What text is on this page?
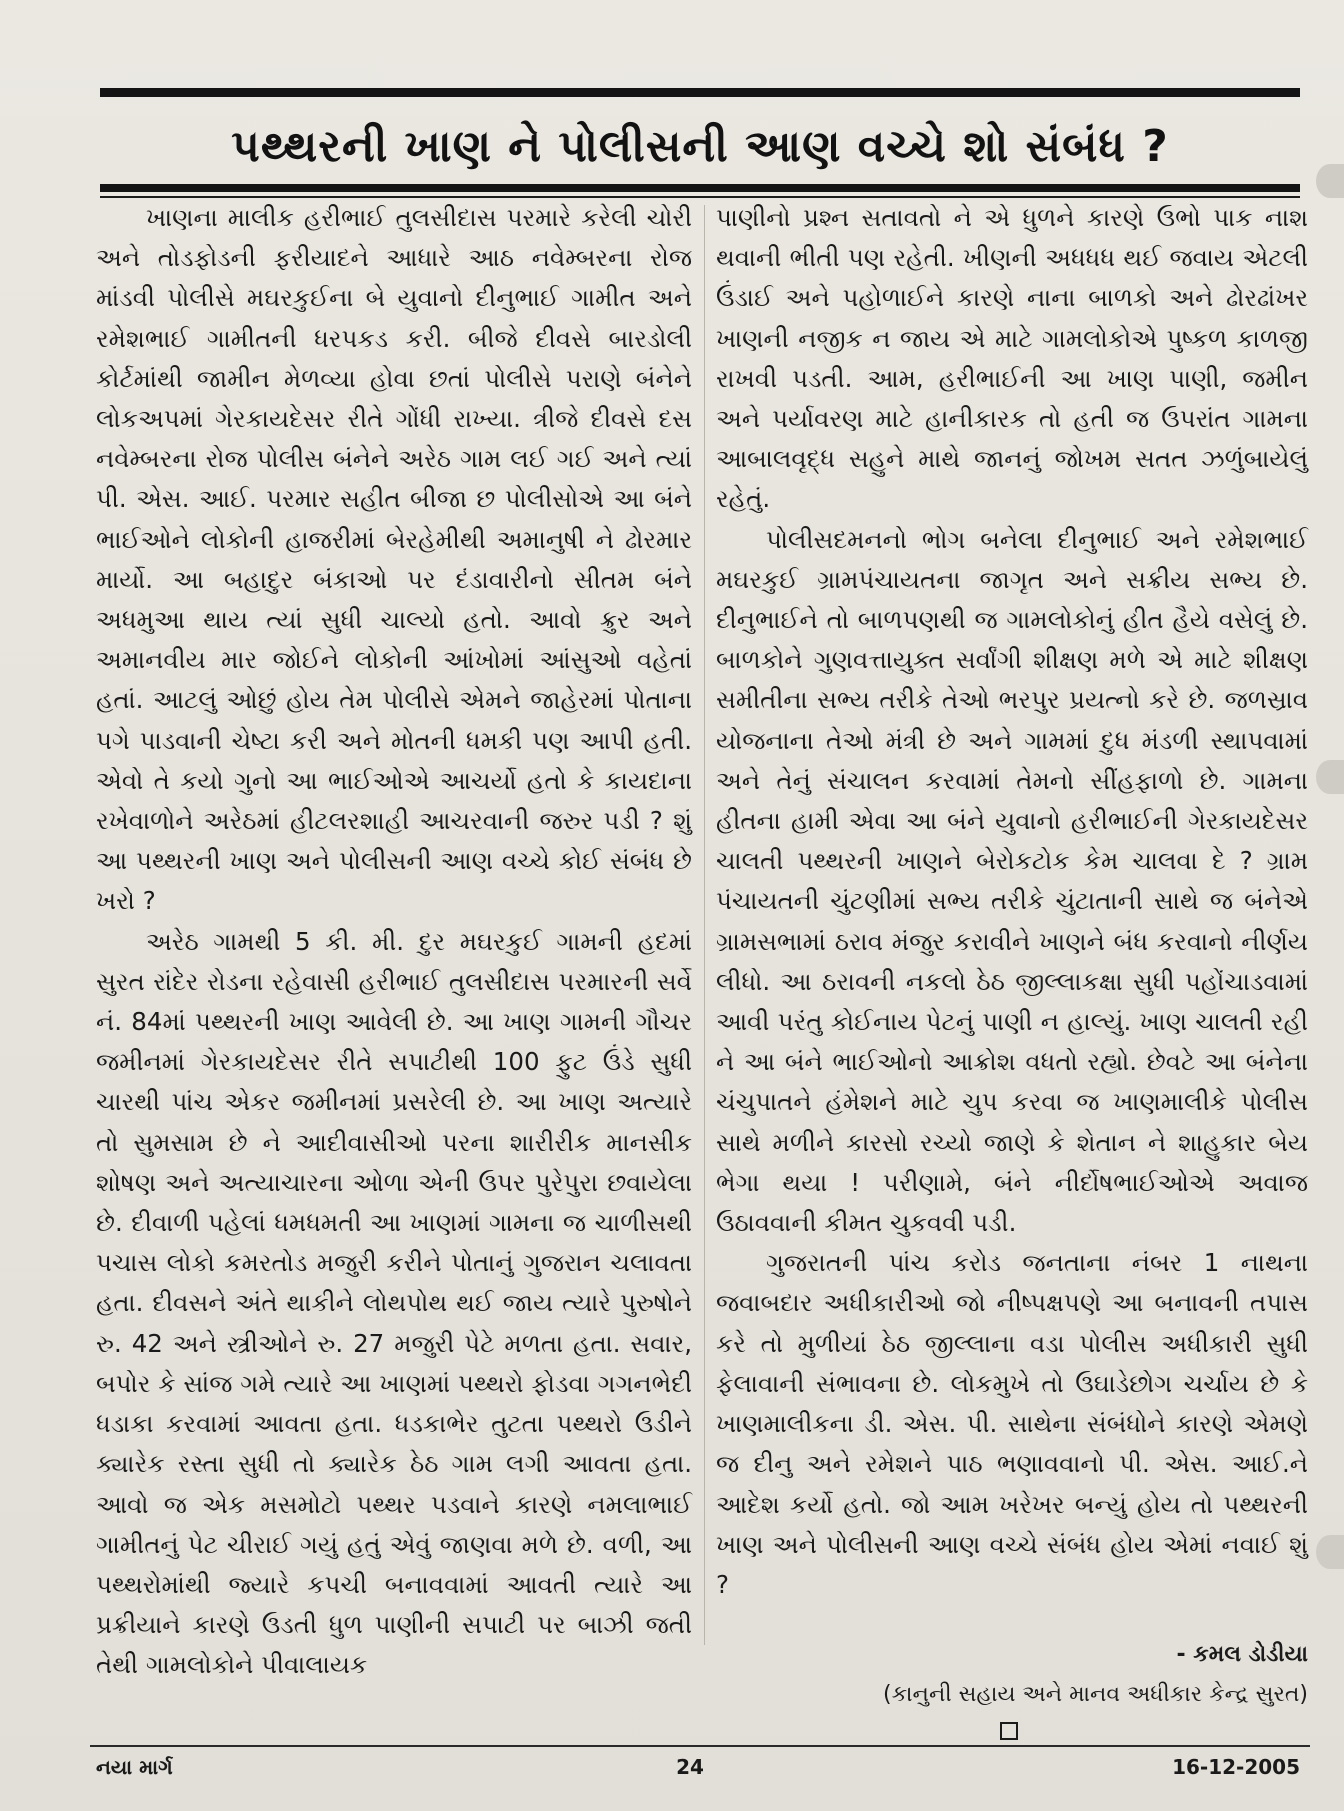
પથ્થરની ખાણ ને પોલીસની આણ વચ્ચે શો સંબંધ ?

ખાણના માલીક હરીભાઈ તુલસીદાસ પરમારે કરેલી ચોરી અને તોડફોડની ફરીયાદને આધારે આઠ નવેમ્બરના રોજ માંડવી પોલીસે મઘરકુઈના બે યુવાનો દીનુભાઈ ગામીત અને રમેશભાઈ ગામીતની ધરપકડ કરી. બીજે દીવસે બારડોલી કોર્ટમાંથી જામીન મેળવ્યા હોવા છતાં પોલીસે પરાણે બંનેને લોકઅપમાં ગેરકાયદેસર રીતે ગોંધી રાખ્યા. ત્રીજે દીવસે દસ નવેમ્બરના રોજ પોલીસ બંનેને અરેઠ ગામ લઈ ગઈ અને ત્યાં પી. એસ. આઈ. પરમાર સહીત બીજા છ પોલીસોએ આ બંને ભાઈઓને લોકોની હાજરીમાં બેરહેમીથી અમાનુષી ને ઢોરમાર માર્યો. આ બહાદુર બંકાઓ પર દંડાવારીનો સીતમ બંને અધમુઆ થાય ત્યાં સુધી ચાલ્યો હતો. આવો ક્રુર અને અમાનવીય માર જોઈને લોકોની આંખોમાં આંસુઓ વહેતાં હતાં. આટલું ઓછું હોય તેમ પોલીસે એમને જાહેરમાં પોતાના પગે પાડવાની ચેષ્ટા કરી અને મોતની ધમકી પણ આપી હતી. એવો તે કયો ગુનો આ ભાઈઓએ આચર્યો હતો કે કાયદાના રખેવાળોને અરેઠમાં હીટલરશાહી આચરવાની જરુર પડી ? શું આ પથ્થરની ખાણ અને પોલીસની આણ વચ્ચે કોઈ સંબંધ છે ખરો ?

અરેઠ ગામથી 5 કી. મી. દુર મઘરકુઈ ગામની હદમાં સુરત રાંદેર રોડના રહેવાસી હરીભાઈ તુલસીદાસ પરમારની સર્વે નં. 84માં પથ્થરની ખાણ આવેલી છે. આ ખાણ ગામની ગૌચર જમીનમાં ગેરકાયદેસર રીતે સપાટીથી 100 ફુટ ઉંડે સુધી ચારથી પાંચ એકર જમીનમાં પ્રસરેલી છે. આ ખાણ અત્યારે તો સુમસામ છે ને આદીવાસીઓ પરના શારીરીક માનસીક શોષણ અને અત્યાચારના ઓળા એની ઉપર પુરેપુરા છવાયેલા છે. દીવાળી પહેલાં ધમધમતી આ ખાણમાં ગામના જ ચાળીસથી પચાસ લોકો કમરતોડ મજુરી કરીને પોતાનું ગુજરાન ચલાવતા હતા. દીવસને અંતે થાકીને લોથપોથ થઈ જાય ત્યારે પુરુષોને રુ. 42 અને સ્ત્રીઓને રુ. 27 મજુરી પેટે મળતા હતા. સવાર, બપોર કે સાંજ ગમે ત્યારે આ ખાણમાં પથ્થરો ફોડવા ગગનભેદી ધડાકા કરવામાં આવતા હતા. ધડકાભેર તુટતા પથ્થરો ઉડીને ક્યારેક રસ્તા સુધી તો ક્યારેક ઠેઠ ગામ લગી આવતા હતા. આવો જ એક મસમોટો પથ્થર પડવાને કારણે નમલાભાઈ ગામીતનું પેટ ચીરાઈ ગયું હતું એવું જાણવા મળે છે. વળી, આ પથ્થરોમાંથી જ્યારે કપચી બનાવવામાં આવતી ત્યારે આ પ્રક્રીયાને કારણે ઉડતી ધુળ પાણીની સપાટી પર બાઝી જતી તેથી ગામલોકોને પીવાલાયક

પાણીનો પ્રશ્ન સતાવતો ને એ ધુળને કારણે ઉભો પાક નાશ થવાની ભીતી પણ રહેતી. ખીણની અધધધ થઈ જવાય એટલી ઉંડાઈ અને પહોળાઈને કારણે નાના બાળકો અને ઢોરઢાંખર ખાણની નજીક ન જાય એ માટે ગામલોકોએ પુષ્કળ કાળજી રાખવી પડતી. આમ, હરીભાઈની આ ખાણ પાણી, જમીન અને પર્યાવરણ માટે હાનીકારક તો હતી જ ઉપરાંત ગામના આબાલવૃદ્ધ સહુને માથે જાનનું જોખમ સતત ઝળુંબાયેલું રહેતું.

પોલીસદમનનો ભોગ બનેલા દીનુભાઈ અને રમેશભાઈ મઘરકુઈ ગ્રામપંચાયતના જાગૃત અને સક્રીય સભ્ય છે. દીનુભાઈને તો બાળપણથી જ ગામલોકોનું હીત હૈયે વસેલું છે. બાળકોને ગુણવત્તાયુક્ત સર્વાંગી શીક્ષણ મળે એ માટે શીક્ષણ સમીતીના સભ્ય તરીકે તેઓ ભરપુર પ્રયત્નો કરે છે. જળસ્રાવ યોજનાના તેઓ મંત્રી છે અને ગામમાં દુધ મંડળી સ્થાપવામાં અને તેનું સંચાલન કરવામાં તેમનો સીંહફાળો છે. ગામના હીતના હામી એવા આ બંને યુવાનો હરીભાઈની ગેરકાયદેસર ચાલતી પથ્થરની ખાણને બેરોકટોક કેમ ચાલવા દે ? ગ્રામ પંચાયતની ચુંટણીમાં સભ્ય તરીકે ચુંટાતાની સાથે જ બંનેએ ગ્રામસભામાં ઠરાવ મંજુર કરાવીને ખાણને બંધ કરવાનો નીર્ણય લીધો. આ ઠરાવની નકલો ઠેઠ જીલ્લાકક્ષા સુધી પહોંચાડવામાં આવી પરંતુ કોઈનાય પેટનું પાણી ન હાલ્યું. ખાણ ચાલતી રહી ને આ બંને ભાઈઓનો આક્રોશ વધતો રહ્યો. છેવટે આ બંનેના ચંચુપાતને હંમેશને માટે ચુપ કરવા જ ખાણમાલીકે પોલીસ સાથે મળીને કારસો રચ્યો જાણે કે શેતાન ને શાહુકાર બેય ભેગા થયા ! પરીણામે, બંને નીર્દોષભાઈઓએ અવાજ ઉઠાવવાની કીમત ચુકવવી પડી.

ગુજરાતની પાંચ કરોડ જનતાના નંબર 1 નાથના જવાબદાર અધીકારીઓ જો નીષ્પક્ષપણે આ બનાવની તપાસ કરે તો મુળીયાં ઠેઠ જીલ્લાના વડા પોલીસ અધીકારી સુધી ફેલાવાની સંભાવના છે. લોકમુખે તો ઉઘાડેછોગ ચર્ચાય છે કે ખાણમાલીકના ડી. એસ. પી. સાથેના સંબંધોને કારણે એમણે જ દીનુ અને રમેશને પાઠ ભણાવવાનો પી. એસ. આઈ.ને આદેશ કર્યો હતો. જો આમ ખરેખર બન્યું હોય તો પથ્થરની ખાણ અને પોલીસની આણ વચ્ચે સંબંધ હોય એમાં નવાઈ શું ?

- કમલ ડોડીયા
(કાનુની સહાય અને માનવ અધીકાર કેન્દ્ર સુરત)
નયા માર્ગ	24	16-12-2005
